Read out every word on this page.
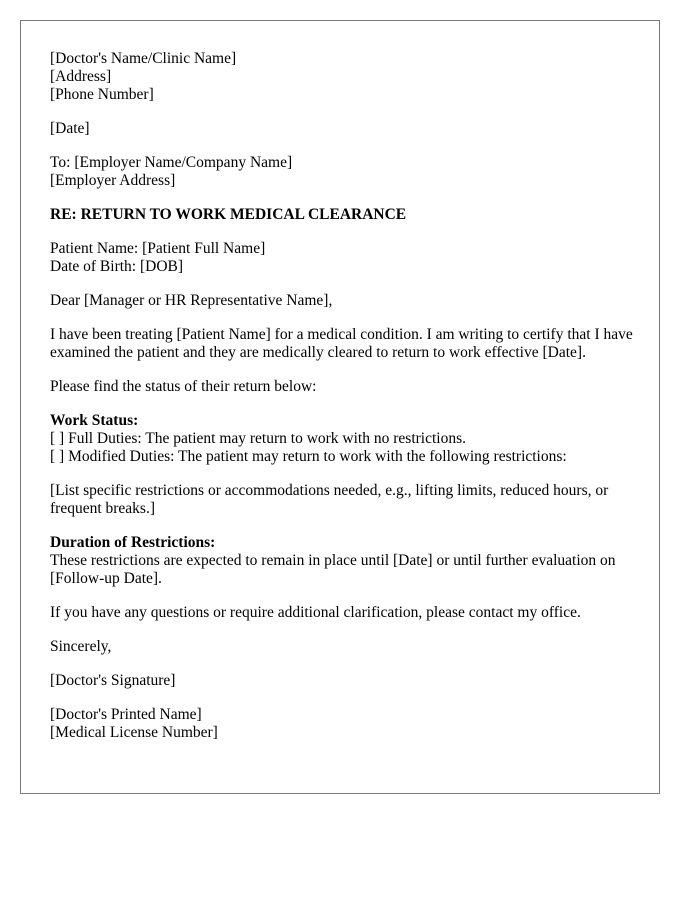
[Doctor's Name/Clinic Name]
[Address]
[Phone Number]
[Date]
To: [Employer Name/Company Name]
[Employer Address]
RE: RETURN TO WORK MEDICAL CLEARANCE
Patient Name: [Patient Full Name]
Date of Birth: [DOB]
Dear [Manager or HR Representative Name],
I have been treating [Patient Name] for a medical condition. I am writing to certify that I have examined the patient and they are medically cleared to return to work effective [Date].
Please find the status of their return below:
Work Status:
[ ] Full Duties: The patient may return to work with no restrictions.
[ ] Modified Duties: The patient may return to work with the following restrictions:
[List specific restrictions or accommodations needed, e.g., lifting limits, reduced hours, or frequent breaks.]
Duration of Restrictions:
These restrictions are expected to remain in place until [Date] or until further evaluation on [Follow-up Date].
If you have any questions or require additional clarification, please contact my office.
Sincerely,
[Doctor's Signature]
[Doctor's Printed Name]
[Medical License Number]
